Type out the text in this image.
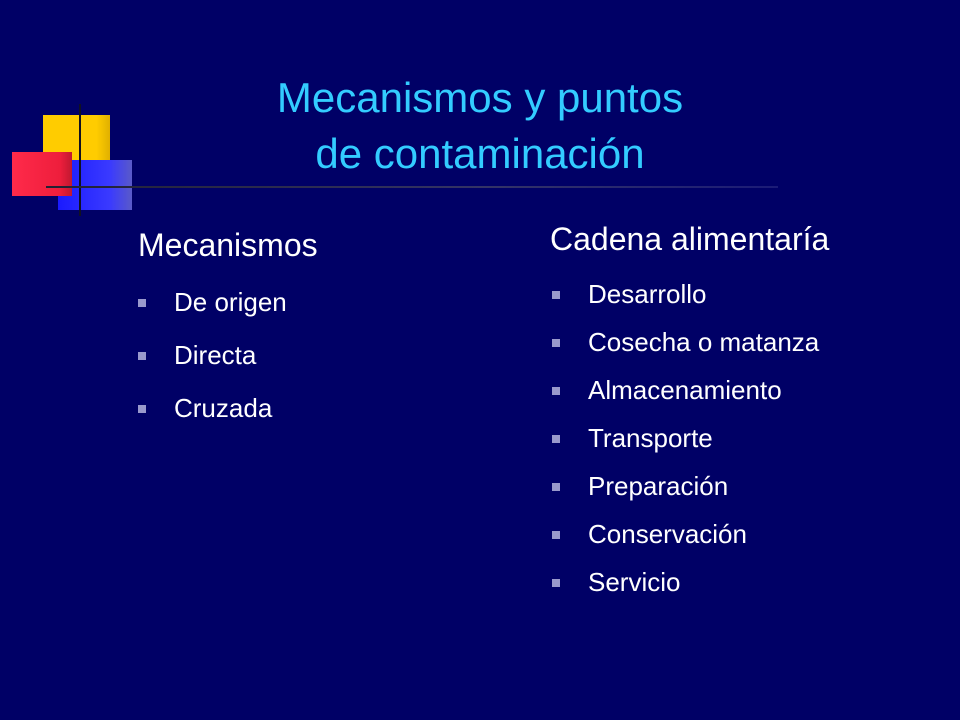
Mecanismos y puntos
de contaminación
Mecanismos
De origen
Directa
Cruzada
Cadena alimentaría
Desarrollo
Cosecha o matanza
Almacenamiento
Transporte
Preparación
Conservación
Servicio
